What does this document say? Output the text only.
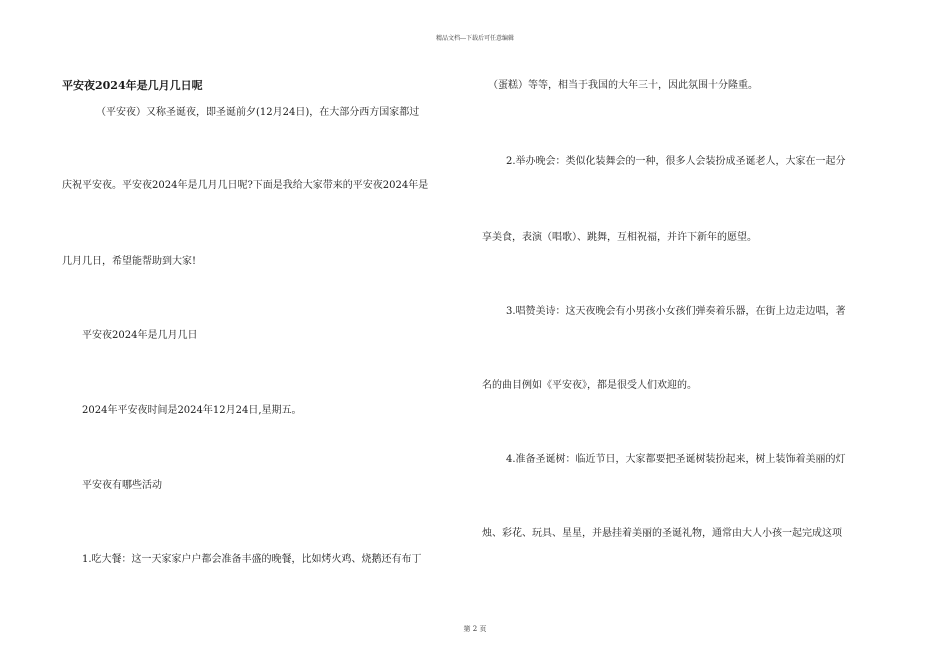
精品文档---下载后可任意编辑
平安夜2024年是几月几日呢
（平安夜）又称圣诞夜，即圣诞前夕(12月24日)，在大部分西方国家都过
庆祝平安夜。平安夜2024年是几月几日呢?下面是我给大家带来的平安夜2024年是
几月几日，希望能帮助到大家!
平安夜2024年是几月几日
2024年平安夜时间是2024年12月24日,星期五。
平安夜有哪些活动
1.吃大餐：这一天家家户户都会准备丰盛的晚餐，比如烤火鸡、烧鹅还有布丁
（蛋糕）等等，相当于我国的大年三十，因此氛围十分隆重。
2.举办晚会：类似化装舞会的一种，很多人会装扮成圣诞老人，大家在一起分
享美食，表演（唱歌）、跳舞，互相祝福，并许下新年的愿望。
3.唱赞美诗：这天夜晚会有小男孩小女孩们弹奏着乐器，在街上边走边唱，著
名的曲目例如《平安夜》，都是很受人们欢迎的。
4.准备圣诞树：临近节日，大家都要把圣诞树装扮起来，树上装饰着美丽的灯
烛、彩花、玩具、星星，并悬挂着美丽的圣诞礼物，通常由大人小孩一起完成这项
第 2 页
